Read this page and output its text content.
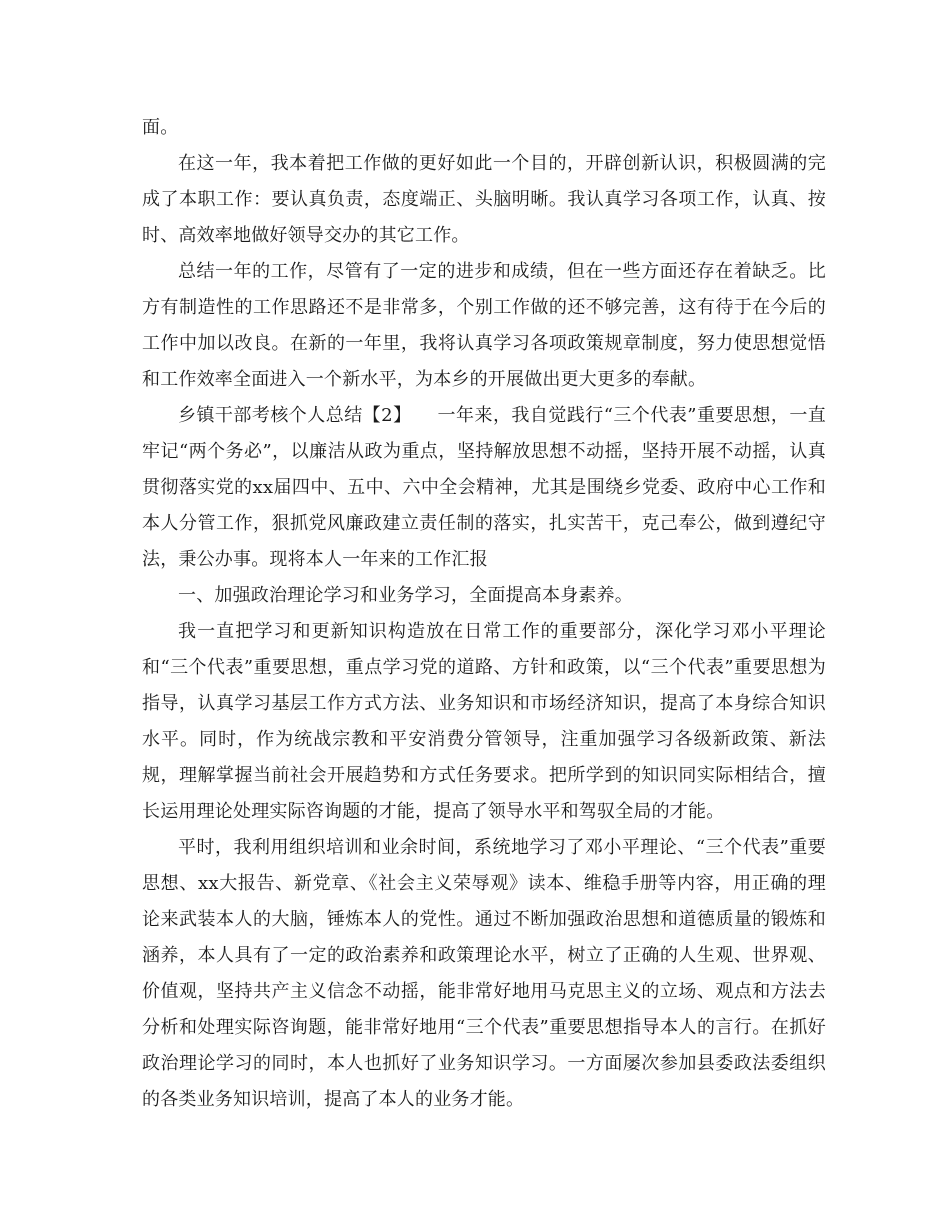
面。

在这一年，我本着把工作做的更好如此一个目的，开辟创新认识，积极圆满的完成了本职工作：要认真负责，态度端正、头脑明晰。我认真学习各项工作，认真、按时、高效率地做好领导交办的其它工作。

总结一年的工作，尽管有了一定的进步和成绩，但在一些方面还存在着缺乏。比方有制造性的工作思路还不是非常多，个别工作做的还不够完善，这有待于在今后的工作中加以改良。在新的一年里，我将认真学习各项政策规章制度，努力使思想觉悟和工作效率全面进入一个新水平，为本乡的开展做出更大更多的奉献。

乡镇干部考核个人总结【2】 一年来，我自觉践行“三个代表”重要思想，一直牢记“两个务必”，以廉洁从政为重点，坚持解放思想不动摇，坚持开展不动摇，认真贯彻落实党的xx届四中、五中、六中全会精神，尤其是围绕乡党委、政府中心工作和本人分管工作，狠抓党风廉政建立责任制的落实，扎实苦干，克己奉公，做到遵纪守法，秉公办事。现将本人一年来的工作汇报

一、加强政治理论学习和业务学习，全面提高本身素养。

我一直把学习和更新知识构造放在日常工作的重要部分，深化学习邓小平理论和“三个代表”重要思想，重点学习党的道路、方针和政策，以“三个代表”重要思想为指导，认真学习基层工作方式方法、业务知识和市场经济知识，提高了本身综合知识水平。同时，作为统战宗教和平安消费分管领导，注重加强学习各级新政策、新法规，理解掌握当前社会开展趋势和方式任务要求。把所学到的知识同实际相结合，擅长运用理论处理实际咨询题的才能，提高了领导水平和驾驭全局的才能。

平时，我利用组织培训和业余时间，系统地学习了邓小平理论、“三个代表”重要思想、xx大报告、新党章、《社会主义荣辱观》读本、维稳手册等内容，用正确的理论来武装本人的大脑，锤炼本人的党性。通过不断加强政治思想和道德质量的锻炼和涵养，本人具有了一定的政治素养和政策理论水平，树立了正确的人生观、世界观、价值观，坚持共产主义信念不动摇，能非常好地用马克思主义的立场、观点和方法去分析和处理实际咨询题，能非常好地用“三个代表”重要思想指导本人的言行。在抓好政治理论学习的同时，本人也抓好了业务知识学习。一方面屡次参加县委政法委组织的各类业务知识培训，提高了本人的业务才能。
